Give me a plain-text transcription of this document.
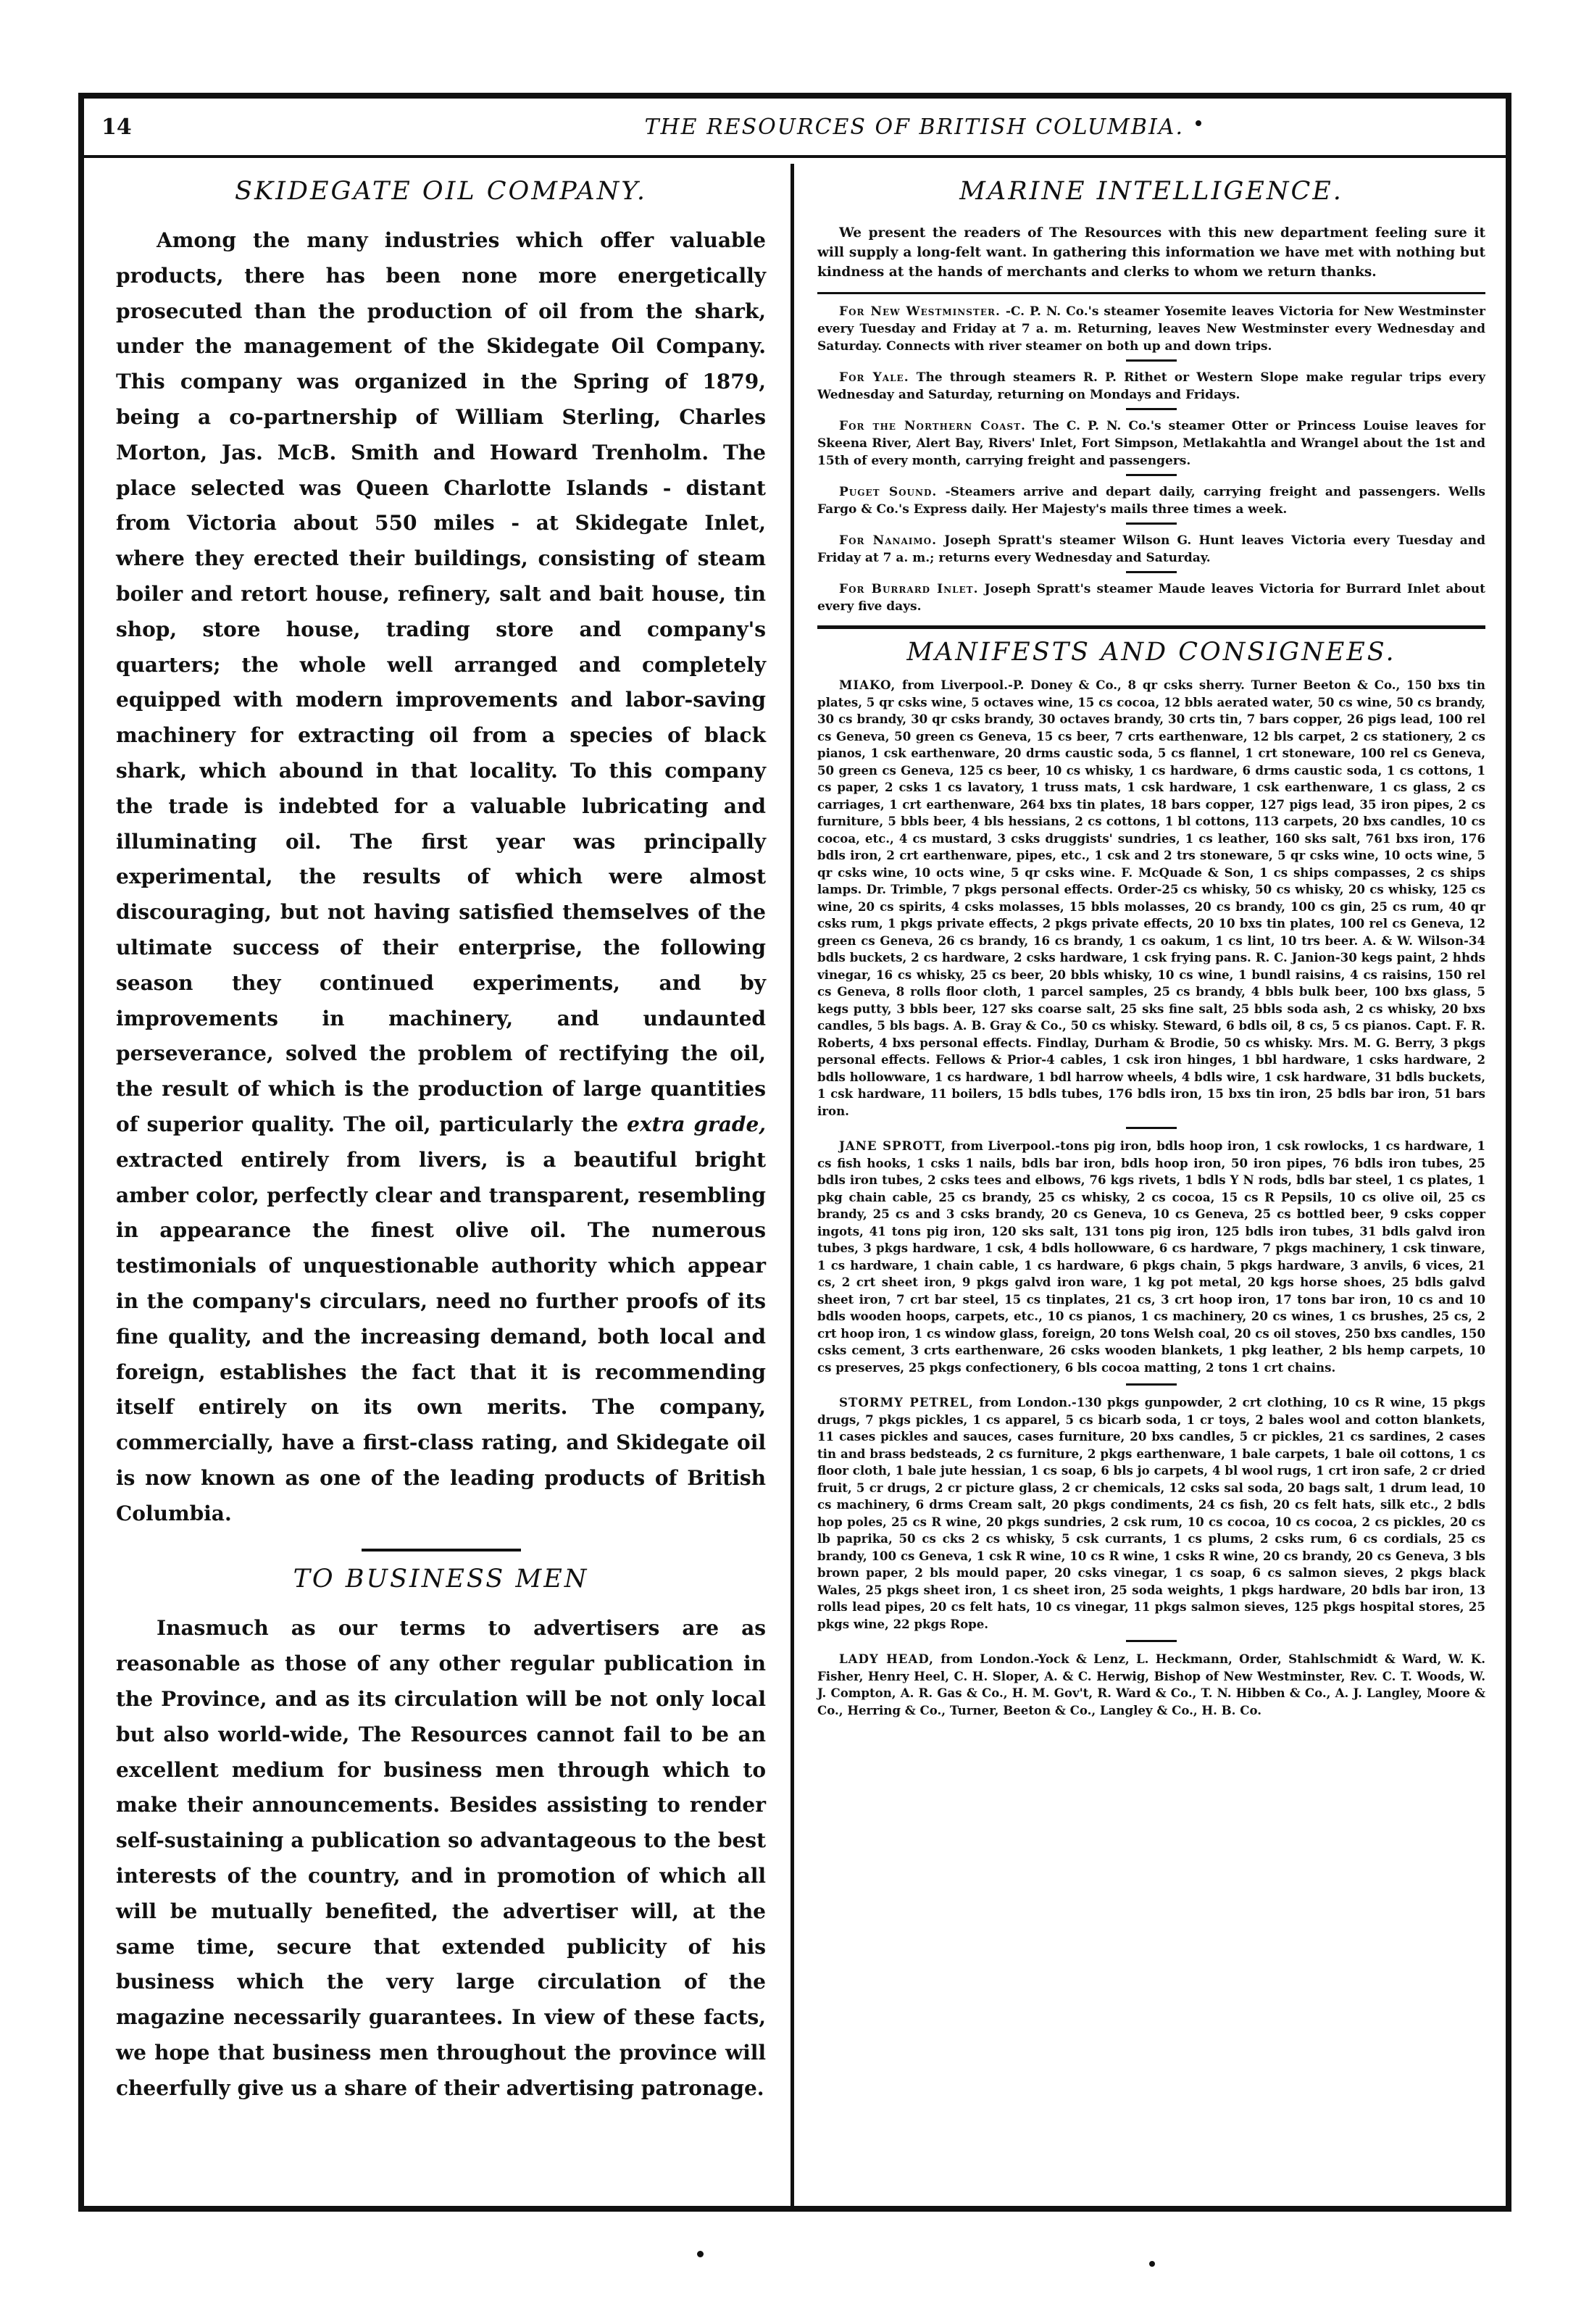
14	THE RESOURCES OF BRITISH COLUMBIA.
SKIDEGATE OIL COMPANY.

Among the many industries which offer valuable products, there has been none more energetically prosecuted than the production of oil from the shark, under the management of the Skidegate Oil Company. This company was organized in the Spring of 1879, being a co-partnership of William Sterling, Charles Morton, Jas. McB. Smith and Howard Trenholm. The place selected was Queen Charlotte Islands - distant from Victoria about 550 miles - at Skidegate Inlet, where they erected their buildings, consisting of steam boiler and retort house, refinery, salt and bait house, tin shop, store house, trading store and company's quarters; the whole well arranged and completely equipped with modern improvements and labor-saving machinery for extracting oil from a species of black shark, which abound in that locality. To this company the trade is indebted for a valuable lubricating and illuminating oil. The first year was principally experimental, the results of which were almost discouraging, but not having satisfied themselves of the ultimate success of their enterprise, the following season they continued experiments, and by improvements in machinery, and undaunted perseverance, solved the problem of rectifying the oil, the result of which is the production of large quantities of superior quality. The oil, particularly the extra grade, extracted entirely from livers, is a beautiful bright amber color, perfectly clear and transparent, resembling in appearance the finest olive oil. The numerous testimonials of unquestionable authority which appear in the company's circulars, need no further proofs of its fine quality, and the increasing demand, both local and foreign, establishes the fact that it is recommending itself entirely on its own merits. The company, commercially, have a first-class rating, and Skidegate oil is now known as one of the leading products of British Columbia.

TO BUSINESS MEN

Inasmuch as our terms to advertisers are as reasonable as those of any other regular publication in the Province, and as its circulation will be not only local but also world-wide, The Resources cannot fail to be an excellent medium for business men through which to make their announcements. Besides assisting to render self-sustaining a publication so advantageous to the best interests of the country, and in promotion of which all will be mutually benefited, the advertiser will, at the same time, secure that extended publicity of his business which the very large circulation of the magazine necessarily guarantees. In view of these facts, we hope that business men throughout the province will cheerfully give us a share of their advertising patronage.

MARINE INTELLIGENCE.

We present the readers of The Resources with this new department feeling sure it will supply a long-felt want. In gathering this information we have met with nothing but kindness at the hands of merchants and clerks to whom we return thanks.

For New Westminster. -C. P. N. Co.'s steamer Yosemite leaves Victoria for New Westminster every Tuesday and Friday at 7 a. m. Returning, leaves New Westminster every Wednesday and Saturday. Connects with river steamer on both up and down trips.

For Yale. The through steamers R. P. Rithet or Western Slope make regular trips every Wednesday and Saturday, returning on Mondays and Fridays.

For the Northern Coast. The C. P. N. Co.'s steamer Otter or Princess Louise leaves for Skeena River, Alert Bay, Rivers' Inlet, Fort Simpson, Metlakahtla and Wrangel about the 1st and 15th of every month, carrying freight and passengers.

Puget Sound. -Steamers arrive and depart daily, carrying freight and passengers. Wells Fargo & Co.'s Express daily. Her Majesty's mails three times a week.

For Nanaimo. Joseph Spratt's steamer Wilson G. Hunt leaves Victoria every Tuesday and Friday at 7 a. m.; returns every Wednesday and Saturday.

For Burrard Inlet. Joseph Spratt's steamer Maude leaves Victoria for Burrard Inlet about every five days.

MANIFESTS AND CONSIGNEES.

MIAKO, from Liverpool.-P. Doney & Co., 8 qr csks sherry. Turner Beeton & Co., 150 bxs tin plates, 5 qr csks wine, 5 octaves wine, 15 cs cocoa, 12 bbls aerated water, 50 cs wine, 50 cs brandy, 30 cs brandy, 30 qr csks brandy, 30 octaves brandy, 30 crts tin, 7 bars copper, 26 pigs lead, 100 rel cs Geneva, 50 green cs Geneva, 15 cs beer, 7 crts earthenware, 12 bls carpet, 2 cs stationery, 2 cs pianos, 1 csk earthenware, 20 drms caustic soda, 5 cs flannel, 1 crt stoneware, 100 rel cs Geneva, 50 green cs Geneva, 125 cs beer, 10 cs whisky, 1 cs hardware, 6 drms caustic soda, 1 cs cottons, 1 cs paper, 2 csks 1 cs lavatory, 1 truss mats, 1 csk hardware, 1 csk earthenware, 1 cs glass, 2 cs carriages, 1 crt earthenware, 264 bxs tin plates, 18 bars copper, 127 pigs lead, 35 iron pipes, 2 cs furniture, 5 bbls beer, 4 bls hessians, 2 cs cottons, 1 bl cottons, 113 carpets, 20 bxs candles, 10 cs cocoa, etc., 4 cs mustard, 3 csks druggists' sundries, 1 cs leather, 160 sks salt, 761 bxs iron, 176 bdls iron, 2 crt earthenware, pipes, etc., 1 csk and 2 trs stoneware, 5 qr csks wine, 10 octs wine, 5 qr csks wine, 10 octs wine, 5 qr csks wine. F. McQuade & Son, 1 cs ships compasses, 2 cs ships lamps. Dr. Trimble, 7 pkgs personal effects. Order-25 cs whisky, 50 cs whisky, 20 cs whisky, 125 cs wine, 20 cs spirits, 4 csks molasses, 15 bbls molasses, 20 cs brandy, 100 cs gin, 25 cs rum, 40 qr csks rum, 1 pkgs private effects, 2 pkgs private effects, 20 10 bxs tin plates, 100 rel cs Geneva, 12 green cs Geneva, 26 cs brandy, 16 cs brandy, 1 cs oakum, 1 cs lint, 10 trs beer. A. & W. Wilson-34 bdls buckets, 2 cs hardware, 2 csks hardware, 1 csk frying pans. R. C. Janion-30 kegs paint, 2 hhds vinegar, 16 cs whisky, 25 cs beer, 20 bbls whisky, 10 cs wine, 1 bundl raisins, 4 cs raisins, 150 rel cs Geneva, 8 rolls floor cloth, 1 parcel samples, 25 cs brandy, 4 bbls bulk beer, 100 bxs glass, 5 kegs putty, 3 bbls beer, 127 sks coarse salt, 25 sks fine salt, 25 bbls soda ash, 2 cs whisky, 20 bxs candles, 5 bls bags. A. B. Gray & Co., 50 cs whisky. Steward, 6 bdls oil, 8 cs, 5 cs pianos. Capt. F. R. Roberts, 4 bxs personal effects. Findlay, Durham & Brodie, 50 cs whisky. Mrs. M. G. Berry, 3 pkgs personal effects. Fellows & Prior-4 cables, 1 csk iron hinges, 1 bbl hardware, 1 csks hardware, 2 bdls hollowware, 1 cs hardware, 1 bdl harrow wheels, 4 bdls wire, 1 csk hardware, 31 bdls buckets, 1 csk hardware, 11 boilers, 15 bdls tubes, 176 bdls iron, 15 bxs tin iron, 25 bdls bar iron, 51 bars iron.

JANE SPROTT, from Liverpool.-tons pig iron, bdls hoop iron, 1 csk rowlocks, 1 cs hardware, 1 cs fish hooks, 1 csks 1 nails, bdls bar iron, bdls hoop iron, 50 iron pipes, 76 bdls iron tubes, 25 bdls iron tubes, 2 csks tees and elbows, 76 kgs rivets, 1 bdls Y N rods, bdls bar steel, 1 cs plates, 1 pkg chain cable, 25 cs brandy, 25 cs whisky, 2 cs cocoa, 15 cs R Pepsils, 10 cs olive oil, 25 cs brandy, 25 cs and 3 csks brandy, 20 cs Geneva, 10 cs Geneva, 25 cs bottled beer, 9 csks copper ingots, 41 tons pig iron, 120 sks salt, 131 tons pig iron, 125 bdls iron tubes, 31 bdls galvd iron tubes, 3 pkgs hardware, 1 csk, 4 bdls hollowware, 6 cs hardware, 7 pkgs machinery, 1 csk tinware, 1 cs hardware, 1 chain cable, 1 cs hardware, 6 pkgs chain, 5 pkgs hardware, 3 anvils, 6 vices, 21 cs, 2 crt sheet iron, 9 pkgs galvd iron ware, 1 kg pot metal, 20 kgs horse shoes, 25 bdls galvd sheet iron, 7 crt bar steel, 15 cs tinplates, 21 cs, 3 crt hoop iron, 17 tons bar iron, 10 cs and 10 bdls wooden hoops, carpets, etc., 10 cs pianos, 1 cs machinery, 20 cs wines, 1 cs brushes, 25 cs, 2 crt hoop iron, 1 cs window glass, foreign, 20 tons Welsh coal, 20 cs oil stoves, 250 bxs candles, 150 csks cement, 3 crts earthenware, 26 csks wooden blankets, 1 pkg leather, 2 bls hemp carpets, 10 cs preserves, 25 pkgs confectionery, 6 bls cocoa matting, 2 tons 1 crt chains.

STORMY PETREL, from London.-130 pkgs gunpowder, 2 crt clothing, 10 cs R wine, 15 pkgs drugs, 7 pkgs pickles, 1 cs apparel, 5 cs bicarb soda, 1 cr toys, 2 bales wool and cotton blankets, 11 cases pickles and sauces, cases furniture, 20 bxs candles, 5 cr pickles, 21 cs sardines, 2 cases tin and brass bedsteads, 2 cs furniture, 2 pkgs earthenware, 1 bale carpets, 1 bale oil cottons, 1 cs floor cloth, 1 bale jute hessian, 1 cs soap, 6 bls jo carpets, 4 bl wool rugs, 1 crt iron safe, 2 cr dried fruit, 5 cr drugs, 2 cr picture glass, 2 cr chemicals, 12 csks sal soda, 20 bags salt, 1 drum lead, 10 cs machinery, 6 drms Cream salt, 20 pkgs condiments, 24 cs fish, 20 cs felt hats, silk etc., 2 bdls hop poles, 25 cs R wine, 20 pkgs sundries, 2 csk rum, 10 cs cocoa, 10 cs cocoa, 2 cs pickles, 20 cs lb paprika, 50 cs cks 2 cs whisky, 5 csk currants, 1 cs plums, 2 csks rum, 6 cs cordials, 25 cs brandy, 100 cs Geneva, 1 csk R wine, 10 cs R wine, 1 csks R wine, 20 cs brandy, 20 cs Geneva, 3 bls brown paper, 2 bls mould paper, 20 csks vinegar, 1 cs soap, 6 cs salmon sieves, 2 pkgs black Wales, 25 pkgs sheet iron, 1 cs sheet iron, 25 soda weights, 1 pkgs hardware, 20 bdls bar iron, 13 rolls lead pipes, 20 cs felt hats, 10 cs vinegar, 11 pkgs salmon sieves, 125 pkgs hospital stores, 25 pkgs wine, 22 pkgs Rope.

LADY HEAD, from London.-Yock & Lenz, L. Heckmann, Order, Stahlschmidt & Ward, W. K. Fisher, Henry Heel, C. H. Sloper, A. & C. Herwig, Bishop of New Westminster, Rev. C. T. Woods, W. J. Compton, A. R. Gas & Co., H. M. Gov't, R. Ward & Co., T. N. Hibben & Co., A. J. Langley, Moore & Co., Herring & Co., Turner, Beeton & Co., Langley & Co., H. B. Co.
